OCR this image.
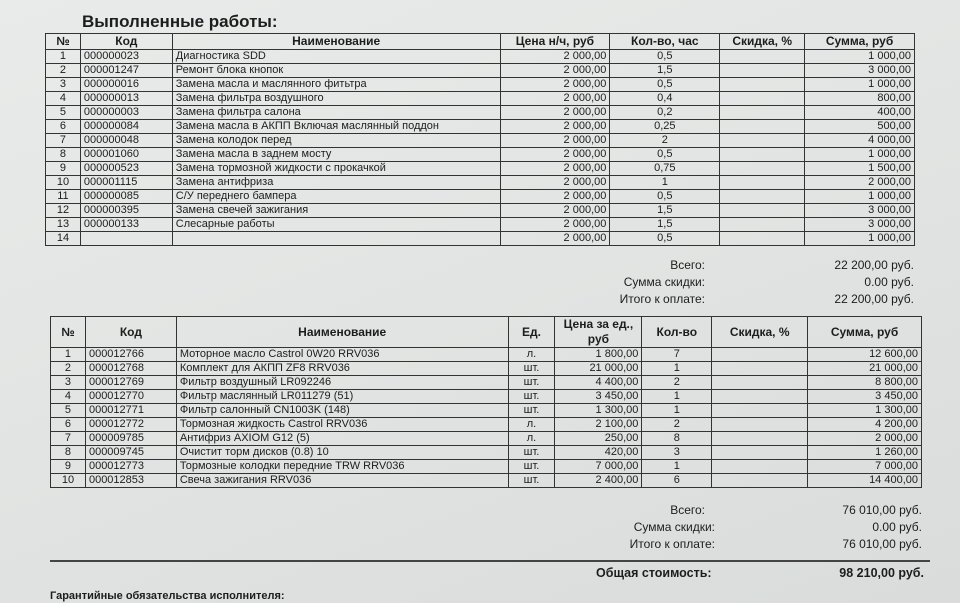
Выполненные работы:
№	Код	Наименование	Цена н/ч, руб	Кол-во, час	Скидка, %	Сумма, руб
1	000000023	Диагностика SDD	2 000,00	0,5		1 000,00
2	000001247	Ремонт блока кнопок	2 000,00	1,5		3 000,00
3	000000016	Замена масла и маслянного фитьтра	2 000,00	0,5		1 000,00
4	000000013	Замена фильтра воздушного	2 000,00	0,4		800,00
5	000000003	Замена фильтра салона	2 000,00	0,2		400,00
6	000000084	Замена масла в АКПП Включая маслянный поддон	2 000,00	0,25		500,00
7	000000048	Замена колодок перед	2 000,00	2		4 000,00
8	000001060	Замена масла в заднем мосту	2 000,00	0,5		1 000,00
9	000000523	Замена тормозной жидкости с прокачкой	2 000,00	0,75		1 500,00
10	000001115	Замена антифриза	2 000,00	1		2 000,00
11	000000085	С/У переднего бампера	2 000,00	0,5		1 000,00
12	000000395	Замена свечей зажигания	2 000,00	1,5		3 000,00
13	000000133	Слесарные работы	2 000,00	1,5		3 000,00
14			2 000,00	0,5		1 000,00
Всего:	22 200,00 руб.
Сумма скидки:	0.00 руб.
Итого к оплате:	22 200,00 руб.
№	Код	Наименование	Ед.	Цена за ед., руб	Кол-во	Скидка, %	Сумма, руб
1	000012766	Моторное масло Castrol 0W20 RRV036	л.	1 800,00	7		12 600,00
2	000012768	Комплект для АКПП ZF8 RRV036	шт.	21 000,00	1		21 000,00
3	000012769	Фильтр воздушный LR092246	шт.	4 400,00	2		8 800,00
4	000012770	Фильтр маслянный LR011279 (51)	шт.	3 450,00	1		3 450,00
5	000012771	Фильтр салонный CN1003K (148)	шт.	1 300,00	1		1 300,00
6	000012772	Тормозная жидкость Castrol RRV036	л.	2 100,00	2		4 200,00
7	000009785	Антифриз AXIOM G12 (5)	л.	250,00	8		2 000,00
8	000009745	Очистит торм дисков (0.8) 10	шт.	420,00	3		1 260,00
9	000012773	Тормозные колодки передние TRW RRV036	шт.	7 000,00	1		7 000,00
10	000012853	Свеча зажигания RRV036	шт.	2 400,00	6		14 400,00
Всего:	76 010,00 руб.
Сумма скидки:	0.00 руб.
Итого к оплате:	76 010,00 руб.
Общая стоимость:	98 210,00 руб.
Гарантийные обязательства исполнителя:
